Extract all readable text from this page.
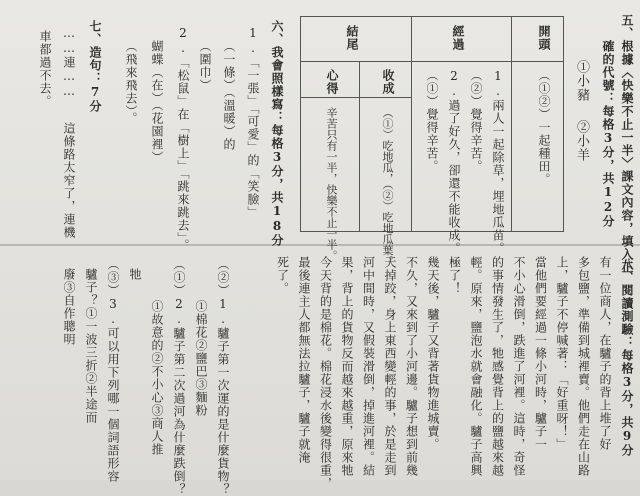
五、根據〈快樂不止一半〉課文內容，填入正
確的代號：每格3分，共12分
①小豬
②小羊
開頭
經過
結尾
（①②）一起種田。
1.兩人一起除草，埋地瓜苗。
（②）覺得辛苦。
2.過了好久，卻還不能收成。
（①）覺得辛苦。
收成
心得
（①）吃地瓜，（②）吃地瓜葉。
辛苦只有一半，快樂不止一半。
六、我會照樣寫：每格3分，共18分
1.「一張」「可愛」的「笑臉」
（一條）（溫暖）的
（圍巾）
2.「松鼠」在「樹上」「跳來跳去」。
蝴蝶（在）（花園裡）
（飛來飛去）。
七、造句：7分
……連……
這條路太窄了，連機
車都過不去。
八、閱讀測驗：每格3分，共9分
有一位商人，在驢子的背上堆了好
多包鹽，準備到城裡賣。他們走在山路
上，驢子不停喊著：「好重呀！」
當他們要經過一條小河時，驢子一
不小心滑倒，跌進了河裡。這時，奇怪
的事情發生了，牠感覺背上的鹽越來越
輕。原來，鹽泡水就會融化。驢子高興
極了！
幾天後，驢子又背著貨物進城賣。
不久，又來到了小河邊。驢子想到前幾
天掉跤，身上東西變輕的事，於是走到
河中間時，又假裝滑倒，掉進河裡。結
果，背上的貨物反而越來越重，原來牠
今天背的是棉花。棉花浸水後變得很重，
最後連主人都無法拉驢子，驢子就淹
死了。
（②）1.驢子第一次運的是什麼貨物？
①棉花②鹽巴③麵粉
（①）2.驢子第二次過河為什麼跌倒？
①故意的②不小心③商人推
牠
（③）3.可以用下列哪一個詞語形容
驢子？①一波三折②半途而
廢③自作聰明
